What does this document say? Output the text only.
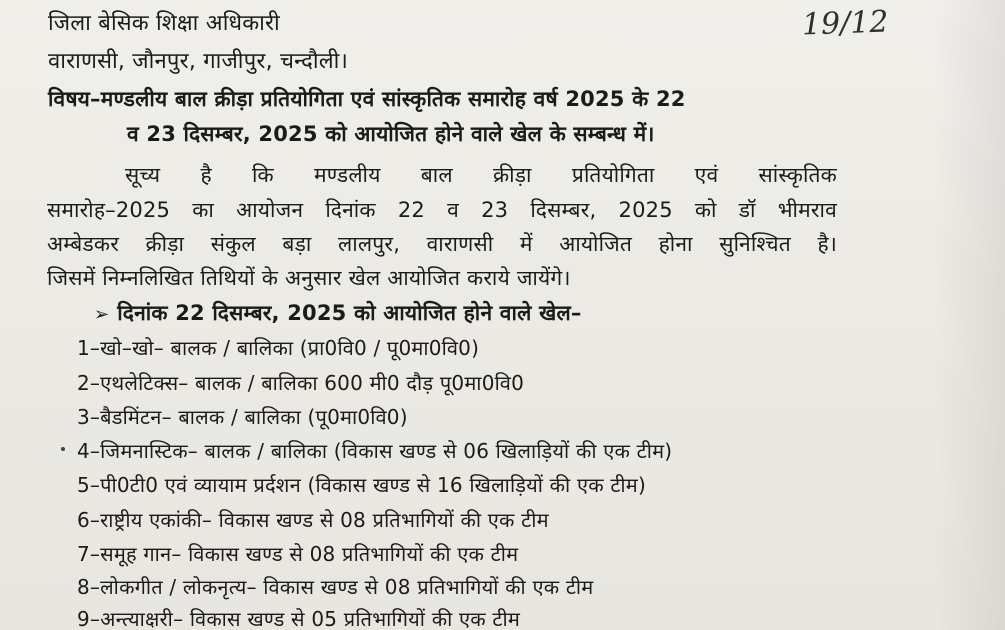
जिला बेसिक शिक्षा अधिकारी
वाराणसी, जौनपुर, गाजीपुर, चन्दौली।
19/12
विषय–मण्डलीय बाल क्रीड़ा प्रतियोगिता एवं सांस्कृतिक समारोह वर्ष 2025 के 22
व 23 दिसम्बर, 2025 को आयोजित होने वाले खेल के सम्बन्ध में।
सूच्य है कि मण्डलीय बाल क्रीड़ा प्रतियोगिता एवं सांस्कृतिक
समारोह–2025 का आयोजन दिनांक 22 व 23 दिसम्बर, 2025 को डॉ भीमराव
अम्बेडकर क्रीड़ा संकुल बड़ा लालपुर, वाराणसी में आयोजित होना सुनिश्चित है।
जिसमें निम्नलिखित तिथियों के अनुसार खेल आयोजित कराये जायेंगे।
➢ दिनांक 22 दिसम्बर, 2025 को आयोजित होने वाले खेल–
1–खो–खो– बालक / बालिका (प्रा0वि0 / पू0मा0वि0)
2–एथलेटिक्स– बालक / बालिका 600 मी0 दौड़ पू0मा0वि0
3–बैडमिंटन– बालक / बालिका (पू0मा0वि0)
4–जिमनास्टिक– बालक / बालिका (विकास खण्ड से 06 खिलाड़ियों की एक टीम)
5–पी0टी0 एवं व्यायाम प्रर्दशन (विकास खण्ड से 16 खिलाड़ियों की एक टीम)
6–राष्ट्रीय एकांकी– विकास खण्ड से 08 प्रतिभागियों की एक टीम
7–समूह गान– विकास खण्ड से 08 प्रतिभागियों की एक टीम
8–लोकगीत / लोकनृत्य– विकास खण्ड से 08 प्रतिभागियों की एक टीम
9–अन्त्याक्षरी– विकास खण्ड से 05 प्रतिभागियों की एक टीम
